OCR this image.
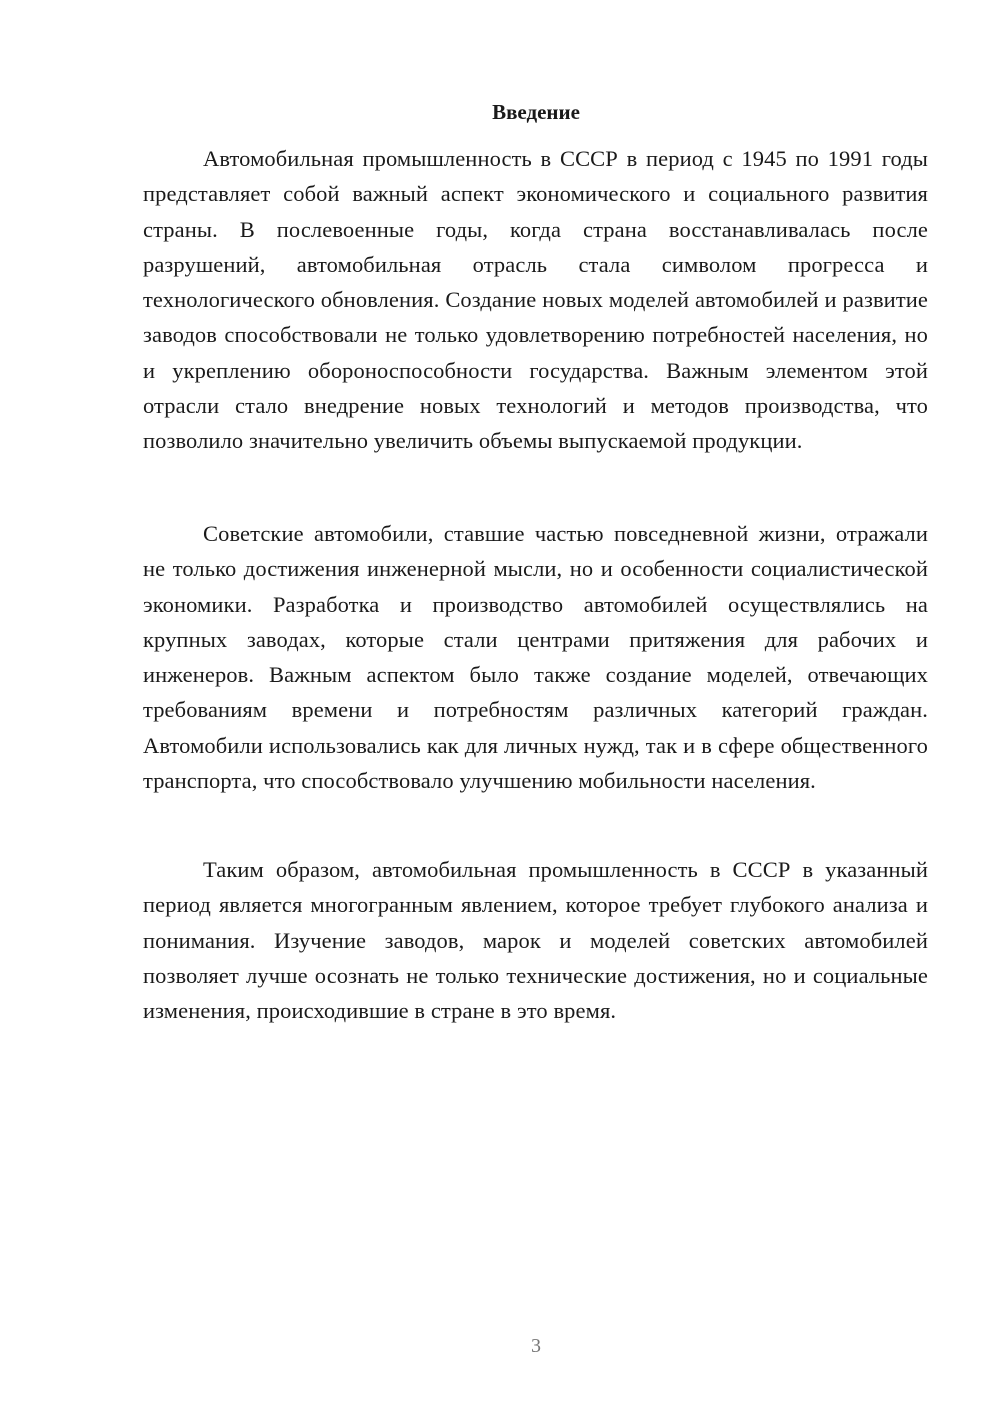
Введение

Автомобильная промышленность в СССР в период с 1945 по 1991 годы представляет собой важный аспект экономического и социального развития страны. В послевоенные годы, когда страна восстанавливалась после разрушений, автомобильная отрасль стала символом прогресса и технологического обновления. Создание новых моделей автомобилей и развитие заводов способствовали не только удовлетворению потребностей населения, но и укреплению обороноспособности государства. Важным элементом этой отрасли стало внедрение новых технологий и методов производства, что позволило значительно увеличить объемы выпускаемой продукции.

Советские автомобили, ставшие частью повседневной жизни, отражали не только достижения инженерной мысли, но и особенности социалистической экономики. Разработка и производство автомобилей осуществлялись на крупных заводах, которые стали центрами притяжения для рабочих и инженеров. Важным аспектом было также создание моделей, отвечающих требованиям времени и потребностям различных категорий граждан. Автомобили использовались как для личных нужд, так и в сфере общественного транспорта, что способствовало улучшению мобильности населения.

Таким образом, автомобильная промышленность в СССР в указанный период является многогранным явлением, которое требует глубокого анализа и понимания. Изучение заводов, марок и моделей советских автомобилей позволяет лучше осознать не только технические достижения, но и социальные изменения, происходившие в стране в это время.

3
